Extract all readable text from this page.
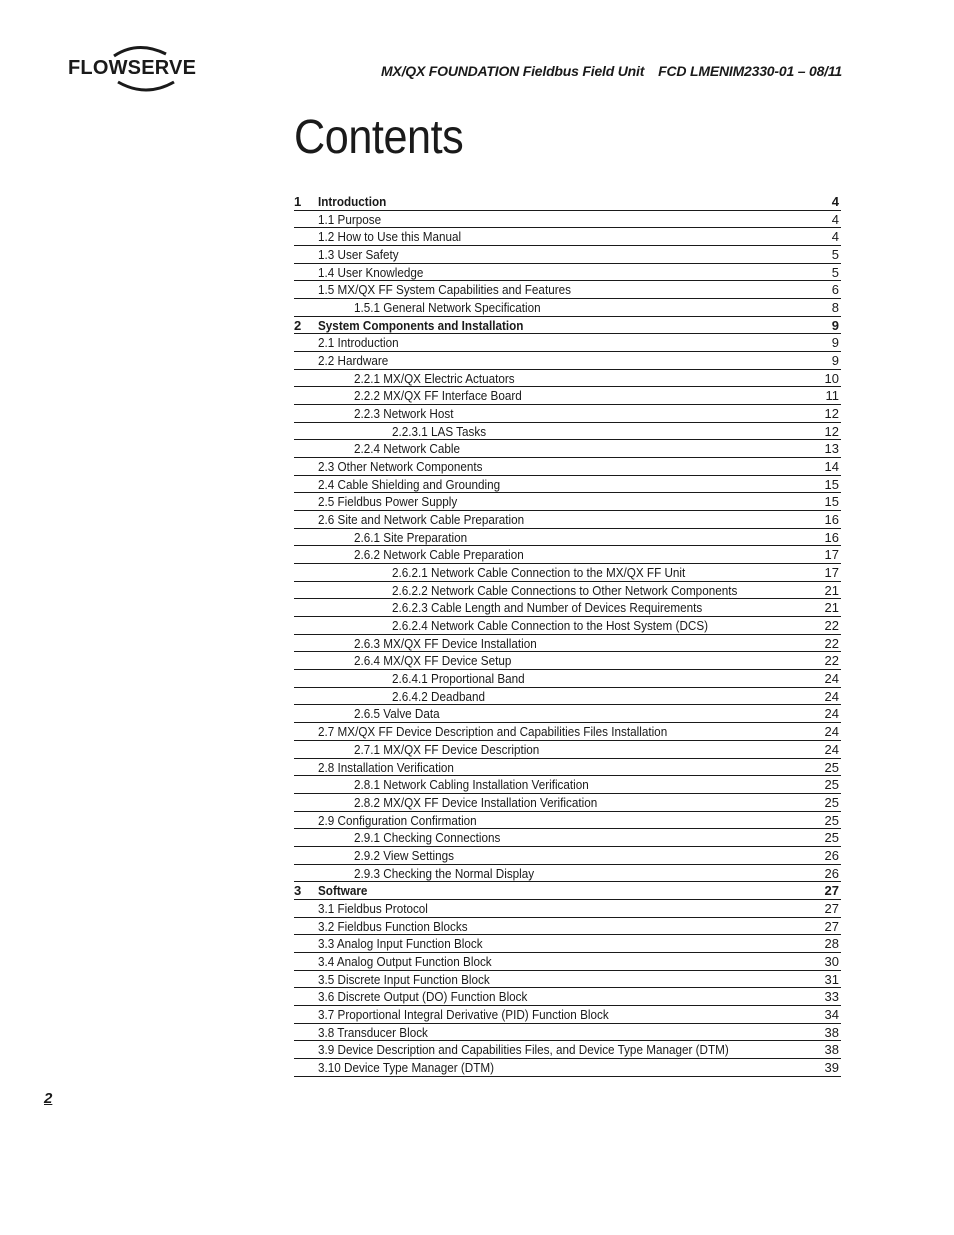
FLOWSERVE	MX/QX FOUNDATION Fieldbus Field Unit FCD LMENIM2330-01 – 08/11
Contents
1 Introduction	4
1.1 Purpose	4
1.2 How to Use this Manual	4
1.3 User Safety	5
1.4 User Knowledge	5
1.5 MX/QX FF System Capabilities and Features	6
1.5.1 General Network Specification	8
2 System Components and Installation	9
2.1 Introduction	9
2.2 Hardware	9
2.2.1 MX/QX Electric Actuators	10
2.2.2 MX/QX FF Interface Board	11
2.2.3 Network Host	12
2.2.3.1 LAS Tasks	12
2.2.4 Network Cable	13
2.3 Other Network Components	14
2.4 Cable Shielding and Grounding	15
2.5 Fieldbus Power Supply	15
2.6 Site and Network Cable Preparation	16
2.6.1 Site Preparation	16
2.6.2 Network Cable Preparation	17
2.6.2.1 Network Cable Connection to the MX/QX FF Unit	17
2.6.2.2 Network Cable Connections to Other Network Components	21
2.6.2.3 Cable Length and Number of Devices Requirements	21
2.6.2.4 Network Cable Connection to the Host System (DCS)	22
2.6.3 MX/QX FF Device Installation	22
2.6.4 MX/QX FF Device Setup	22
2.6.4.1 Proportional Band	24
2.6.4.2 Deadband	24
2.6.5 Valve Data	24
2.7 MX/QX FF Device Description and Capabilities Files Installation	24
2.7.1 MX/QX FF Device Description	24
2.8 Installation Verification	25
2.8.1 Network Cabling Installation Verification	25
2.8.2 MX/QX FF Device Installation Verification	25
2.9 Configuration Confirmation	25
2.9.1 Checking Connections	25
2.9.2 View Settings	26
2.9.3 Checking the Normal Display	26
3 Software	27
3.1 Fieldbus Protocol	27
3.2 Fieldbus Function Blocks	27
3.3 Analog Input Function Block	28
3.4 Analog Output Function Block	30
3.5 Discrete Input Function Block	31
3.6 Discrete Output (DO) Function Block	33
3.7 Proportional Integral Derivative (PID) Function Block	34
3.8 Transducer Block	38
3.9 Device Description and Capabilities Files, and Device Type Manager (DTM)	38
3.10 Device Type Manager (DTM)	39
2
